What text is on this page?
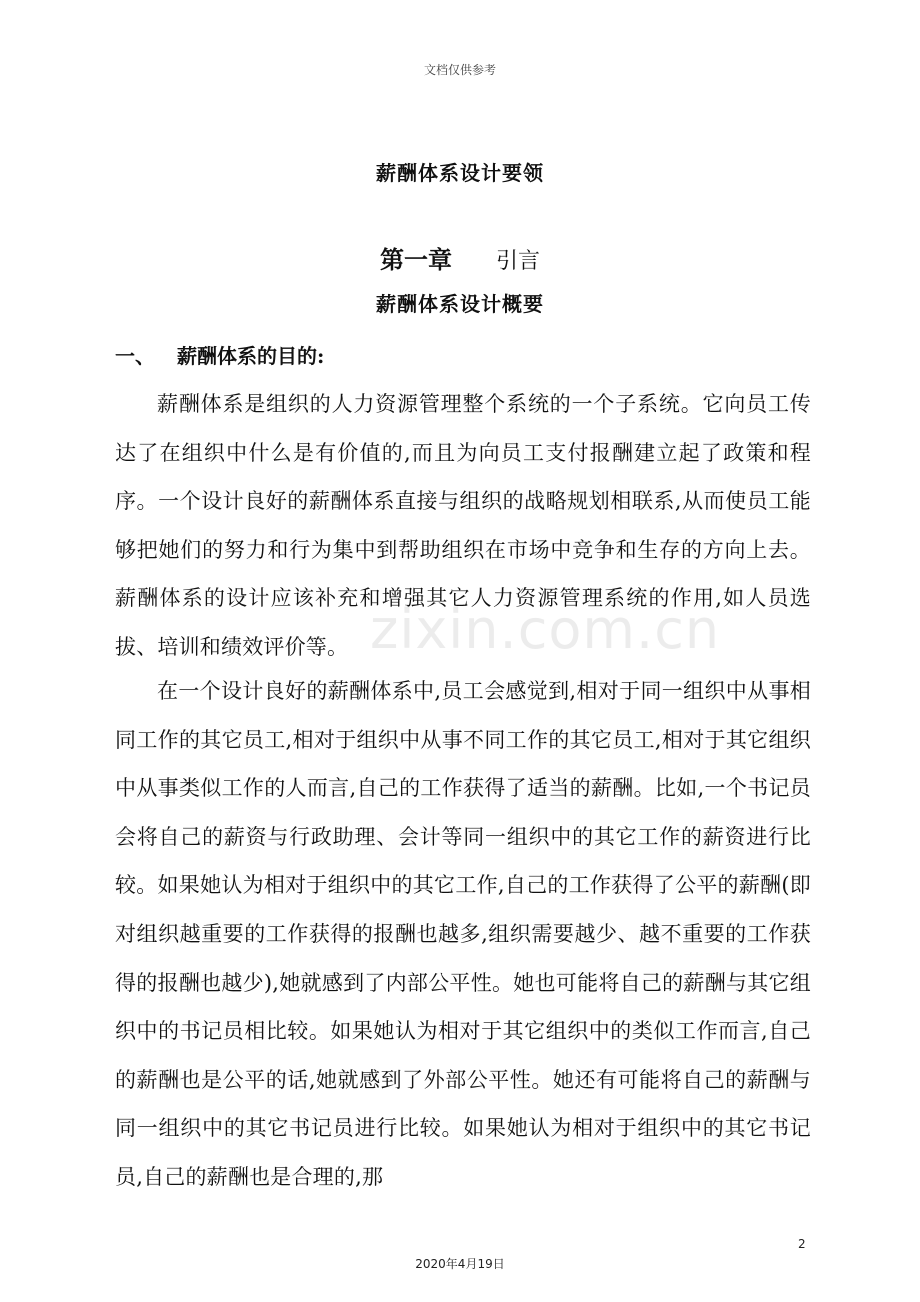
文档仅供参考
薪酬体系设计要领
第一章 引言
薪酬体系设计概要
一、 薪酬体系的目的:

薪酬体系是组织的人力资源管理整个系统的一个子系统。它向员工传达了在组织中什么是有价值的,而且为向员工支付报酬建立起了政策和程序。一个设计良好的薪酬体系直接与组织的战略规划相联系,从而使员工能够把她们的努力和行为集中到帮助组织在市场中竞争和生存的方向上去。薪酬体系的设计应该补充和增强其它人力资源管理系统的作用,如人员选拔、培训和绩效评价等。

在一个设计良好的薪酬体系中,员工会感觉到,相对于同一组织中从事相同工作的其它员工,相对于组织中从事不同工作的其它员工,相对于其它组织中从事类似工作的人而言,自己的工作获得了适当的薪酬。比如,一个书记员会将自己的薪资与行政助理、会计等同一组织中的其它工作的薪资进行比较。如果她认为相对于组织中的其它工作,自己的工作获得了公平的薪酬(即对组织越重要的工作获得的报酬也越多,组织需要越少、越不重要的工作获得的报酬也越少),她就感到了内部公平性。她也可能将自己的薪酬与其它组织中的书记员相比较。如果她认为相对于其它组织中的类似工作而言,自己的薪酬也是公平的话,她就感到了外部公平性。她还有可能将自己的薪酬与同一组织中的其它书记员进行比较。如果她认为相对于组织中的其它书记员,自己的薪酬也是合理的,那

zixin.com.cn
2
2020年4月19日
